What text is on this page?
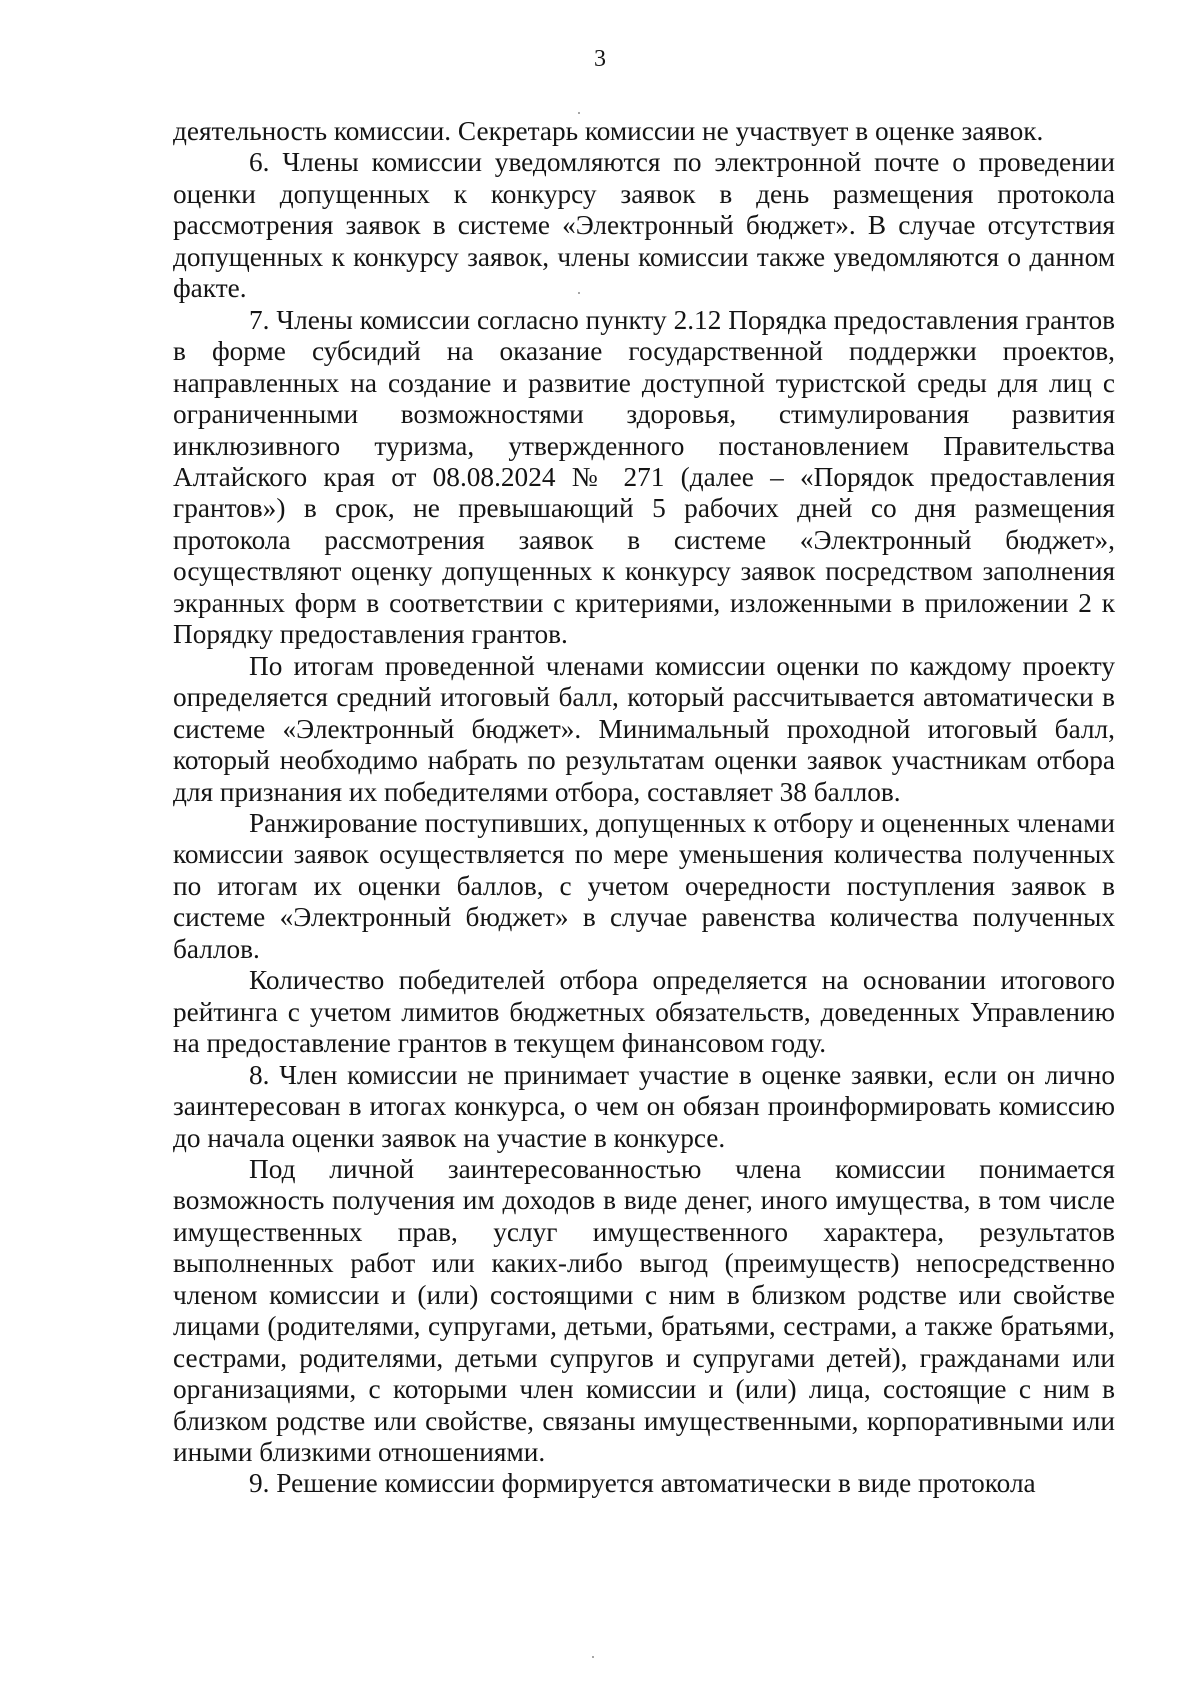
3

деятельность комиссии. Секретарь комиссии не участвует в оценке заявок.

6. Члены комиссии уведомляются по электронной почте о проведении оценки допущенных к конкурсу заявок в день размещения протокола рассмотрения заявок в системе «Электронный бюджет». В случае отсутствия допущенных к конкурсу заявок, члены комиссии также уведомляются о данном факте.

7. Члены комиссии согласно пункту 2.12 Порядка предоставления грантов в форме субсидий на оказание государственной поддержки проектов, направленных на создание и развитие доступной туристской среды для лиц с ограниченными возможностями здоровья, стимулирования развития инклюзивного туризма, утвержденного постановлением Правительства Алтайского края от 08.08.2024 № 271 (далее – «Порядок предоставления грантов») в срок, не превышающий 5 рабочих дней со дня размещения протокола рассмотрения заявок в системе «Электронный бюджет», осуществляют оценку допущенных к конкурсу заявок посредством заполнения экранных форм в соответствии с критериями, изложенными в приложении 2 к Порядку предоставления грантов.

По итогам проведенной членами комиссии оценки по каждому проекту определяется средний итоговый балл, который рассчитывается автоматически в системе «Электронный бюджет». Минимальный проходной итоговый балл, который необходимо набрать по результатам оценки заявок участникам отбора для признания их победителями отбора, составляет 38 баллов.

Ранжирование поступивших, допущенных к отбору и оцененных членами комиссии заявок осуществляется по мере уменьшения количества полученных по итогам их оценки баллов, с учетом очередности поступления заявок в системе «Электронный бюджет» в случае равенства количества полученных баллов.

Количество победителей отбора определяется на основании итогового рейтинга с учетом лимитов бюджетных обязательств, доведенных Управлению на предоставление грантов в текущем финансовом году.

8. Член комиссии не принимает участие в оценке заявки, если он лично заинтересован в итогах конкурса, о чем он обязан проинформировать комиссию до начала оценки заявок на участие в конкурсе.

Под личной заинтересованностью члена комиссии понимается возможность получения им доходов в виде денег, иного имущества, в том числе имущественных прав, услуг имущественного характера, результатов выполненных работ или каких-либо выгод (преимуществ) непосредственно членом комиссии и (или) состоящими с ним в близком родстве или свойстве лицами (родителями, супругами, детьми, братьями, сестрами, а также братьями, сестрами, родителями, детьми супругов и супругами детей), гражданами или организациями, с которыми член комиссии и (или) лица, состоящие с ним в близком родстве или свойстве, связаны имущественными, корпоративными или иными близкими отношениями.

9. Решение комиссии формируется автоматически в виде протокола
